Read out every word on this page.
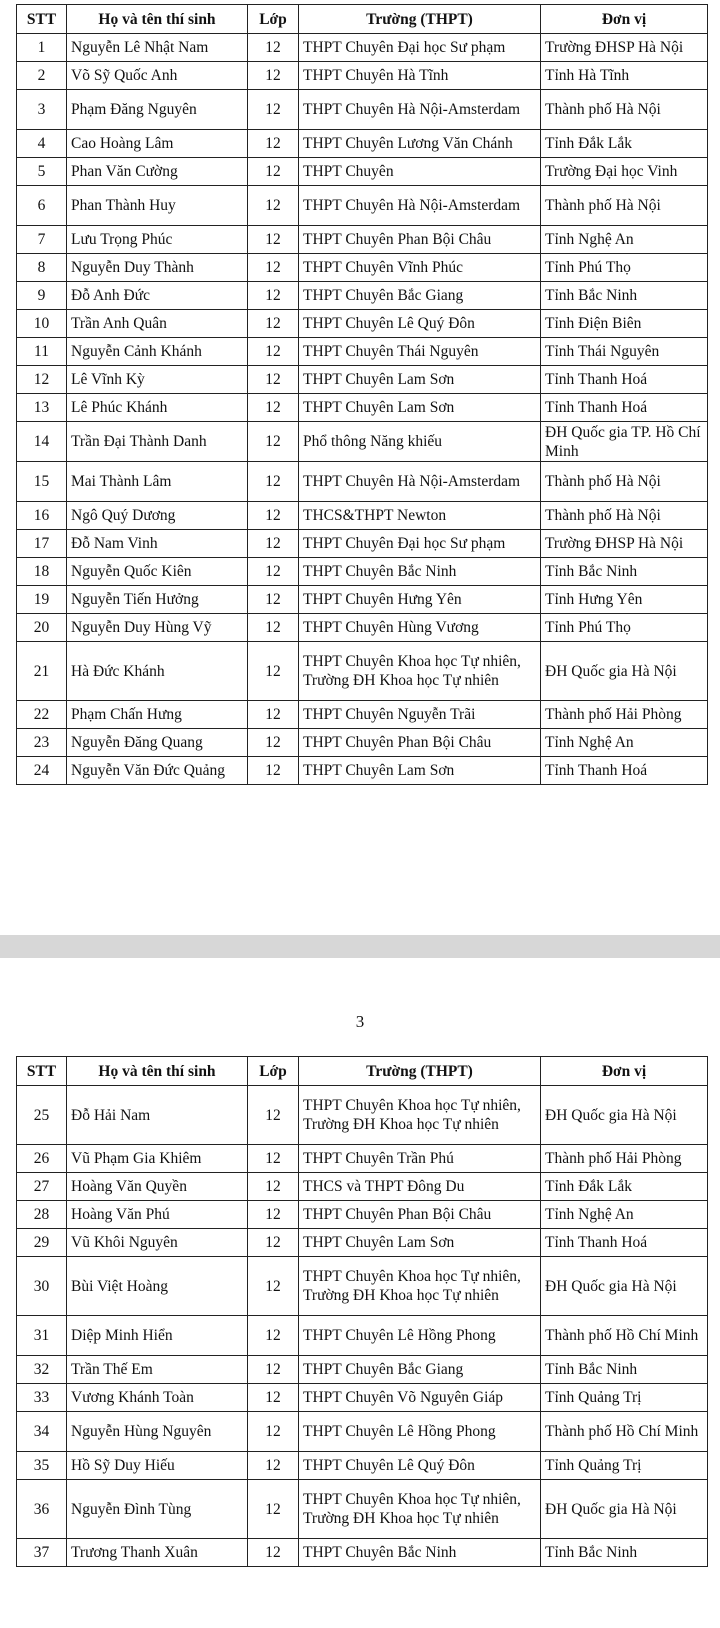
STT	Họ và tên thí sinh	Lớp	Trường (THPT)	Đơn vị
1	Nguyễn Lê Nhật Nam	12	THPT Chuyên Đại học Sư phạm	Trường ĐHSP Hà Nội
2	Võ Sỹ Quốc Anh	12	THPT Chuyên Hà Tĩnh	Tỉnh Hà Tĩnh
3	Phạm Đăng Nguyên	12	THPT Chuyên Hà Nội-Amsterdam	Thành phố Hà Nội
4	Cao Hoàng Lâm	12	THPT Chuyên Lương Văn Chánh	Tỉnh Đắk Lắk
5	Phan Văn Cường	12	THPT Chuyên	Trường Đại học Vinh
6	Phan Thành Huy	12	THPT Chuyên Hà Nội-Amsterdam	Thành phố Hà Nội
7	Lưu Trọng Phúc	12	THPT Chuyên Phan Bội Châu	Tỉnh Nghệ An
8	Nguyễn Duy Thành	12	THPT Chuyên Vĩnh Phúc	Tỉnh Phú Thọ
9	Đỗ Anh Đức	12	THPT Chuyên Bắc Giang	Tỉnh Bắc Ninh
10	Trần Anh Quân	12	THPT Chuyên Lê Quý Đôn	Tỉnh Điện Biên
11	Nguyễn Cảnh Khánh	12	THPT Chuyên Thái Nguyên	Tỉnh Thái Nguyên
12	Lê Vĩnh Kỳ	12	THPT Chuyên Lam Sơn	Tỉnh Thanh Hoá
13	Lê Phúc Khánh	12	THPT Chuyên Lam Sơn	Tỉnh Thanh Hoá
14	Trần Đại Thành Danh	12	Phổ thông Năng khiếu	ĐH Quốc gia TP. Hồ Chí Minh
15	Mai Thành Lâm	12	THPT Chuyên Hà Nội-Amsterdam	Thành phố Hà Nội
16	Ngô Quý Dương	12	THCS&THPT Newton	Thành phố Hà Nội
17	Đỗ Nam Vinh	12	THPT Chuyên Đại học Sư phạm	Trường ĐHSP Hà Nội
18	Nguyễn Quốc Kiên	12	THPT Chuyên Bắc Ninh	Tỉnh Bắc Ninh
19	Nguyễn Tiến Hưởng	12	THPT Chuyên Hưng Yên	Tỉnh Hưng Yên
20	Nguyễn Duy Hùng Vỹ	12	THPT Chuyên Hùng Vương	Tỉnh Phú Thọ
21	Hà Đức Khánh	12	THPT Chuyên Khoa học Tự nhiên, Trường ĐH Khoa học Tự nhiên	ĐH Quốc gia Hà Nội
22	Phạm Chấn Hưng	12	THPT Chuyên Nguyễn Trãi	Thành phố Hải Phòng
23	Nguyễn Đăng Quang	12	THPT Chuyên Phan Bội Châu	Tỉnh Nghệ An
24	Nguyễn Văn Đức Quảng	12	THPT Chuyên Lam Sơn	Tỉnh Thanh Hoá
3
STT	Họ và tên thí sinh	Lớp	Trường (THPT)	Đơn vị
25	Đỗ Hải Nam	12	THPT Chuyên Khoa học Tự nhiên, Trường ĐH Khoa học Tự nhiên	ĐH Quốc gia Hà Nội
26	Vũ Phạm Gia Khiêm	12	THPT Chuyên Trần Phú	Thành phố Hải Phòng
27	Hoàng Văn Quyền	12	THCS và THPT Đông Du	Tỉnh Đắk Lắk
28	Hoàng Văn Phú	12	THPT Chuyên Phan Bội Châu	Tỉnh Nghệ An
29	Vũ Khôi Nguyên	12	THPT Chuyên Lam Sơn	Tỉnh Thanh Hoá
30	Bùi Việt Hoàng	12	THPT Chuyên Khoa học Tự nhiên, Trường ĐH Khoa học Tự nhiên	ĐH Quốc gia Hà Nội
31	Diệp Minh Hiển	12	THPT Chuyên Lê Hồng Phong	Thành phố Hồ Chí Minh
32	Trần Thế Em	12	THPT Chuyên Bắc Giang	Tỉnh Bắc Ninh
33	Vương Khánh Toàn	12	THPT Chuyên Võ Nguyên Giáp	Tỉnh Quảng Trị
34	Nguyễn Hùng Nguyên	12	THPT Chuyên Lê Hồng Phong	Thành phố Hồ Chí Minh
35	Hồ Sỹ Duy Hiếu	12	THPT Chuyên Lê Quý Đôn	Tỉnh Quảng Trị
36	Nguyễn Đình Tùng	12	THPT Chuyên Khoa học Tự nhiên, Trường ĐH Khoa học Tự nhiên	ĐH Quốc gia Hà Nội
37	Trương Thanh Xuân	12	THPT Chuyên Bắc Ninh	Tỉnh Bắc Ninh
